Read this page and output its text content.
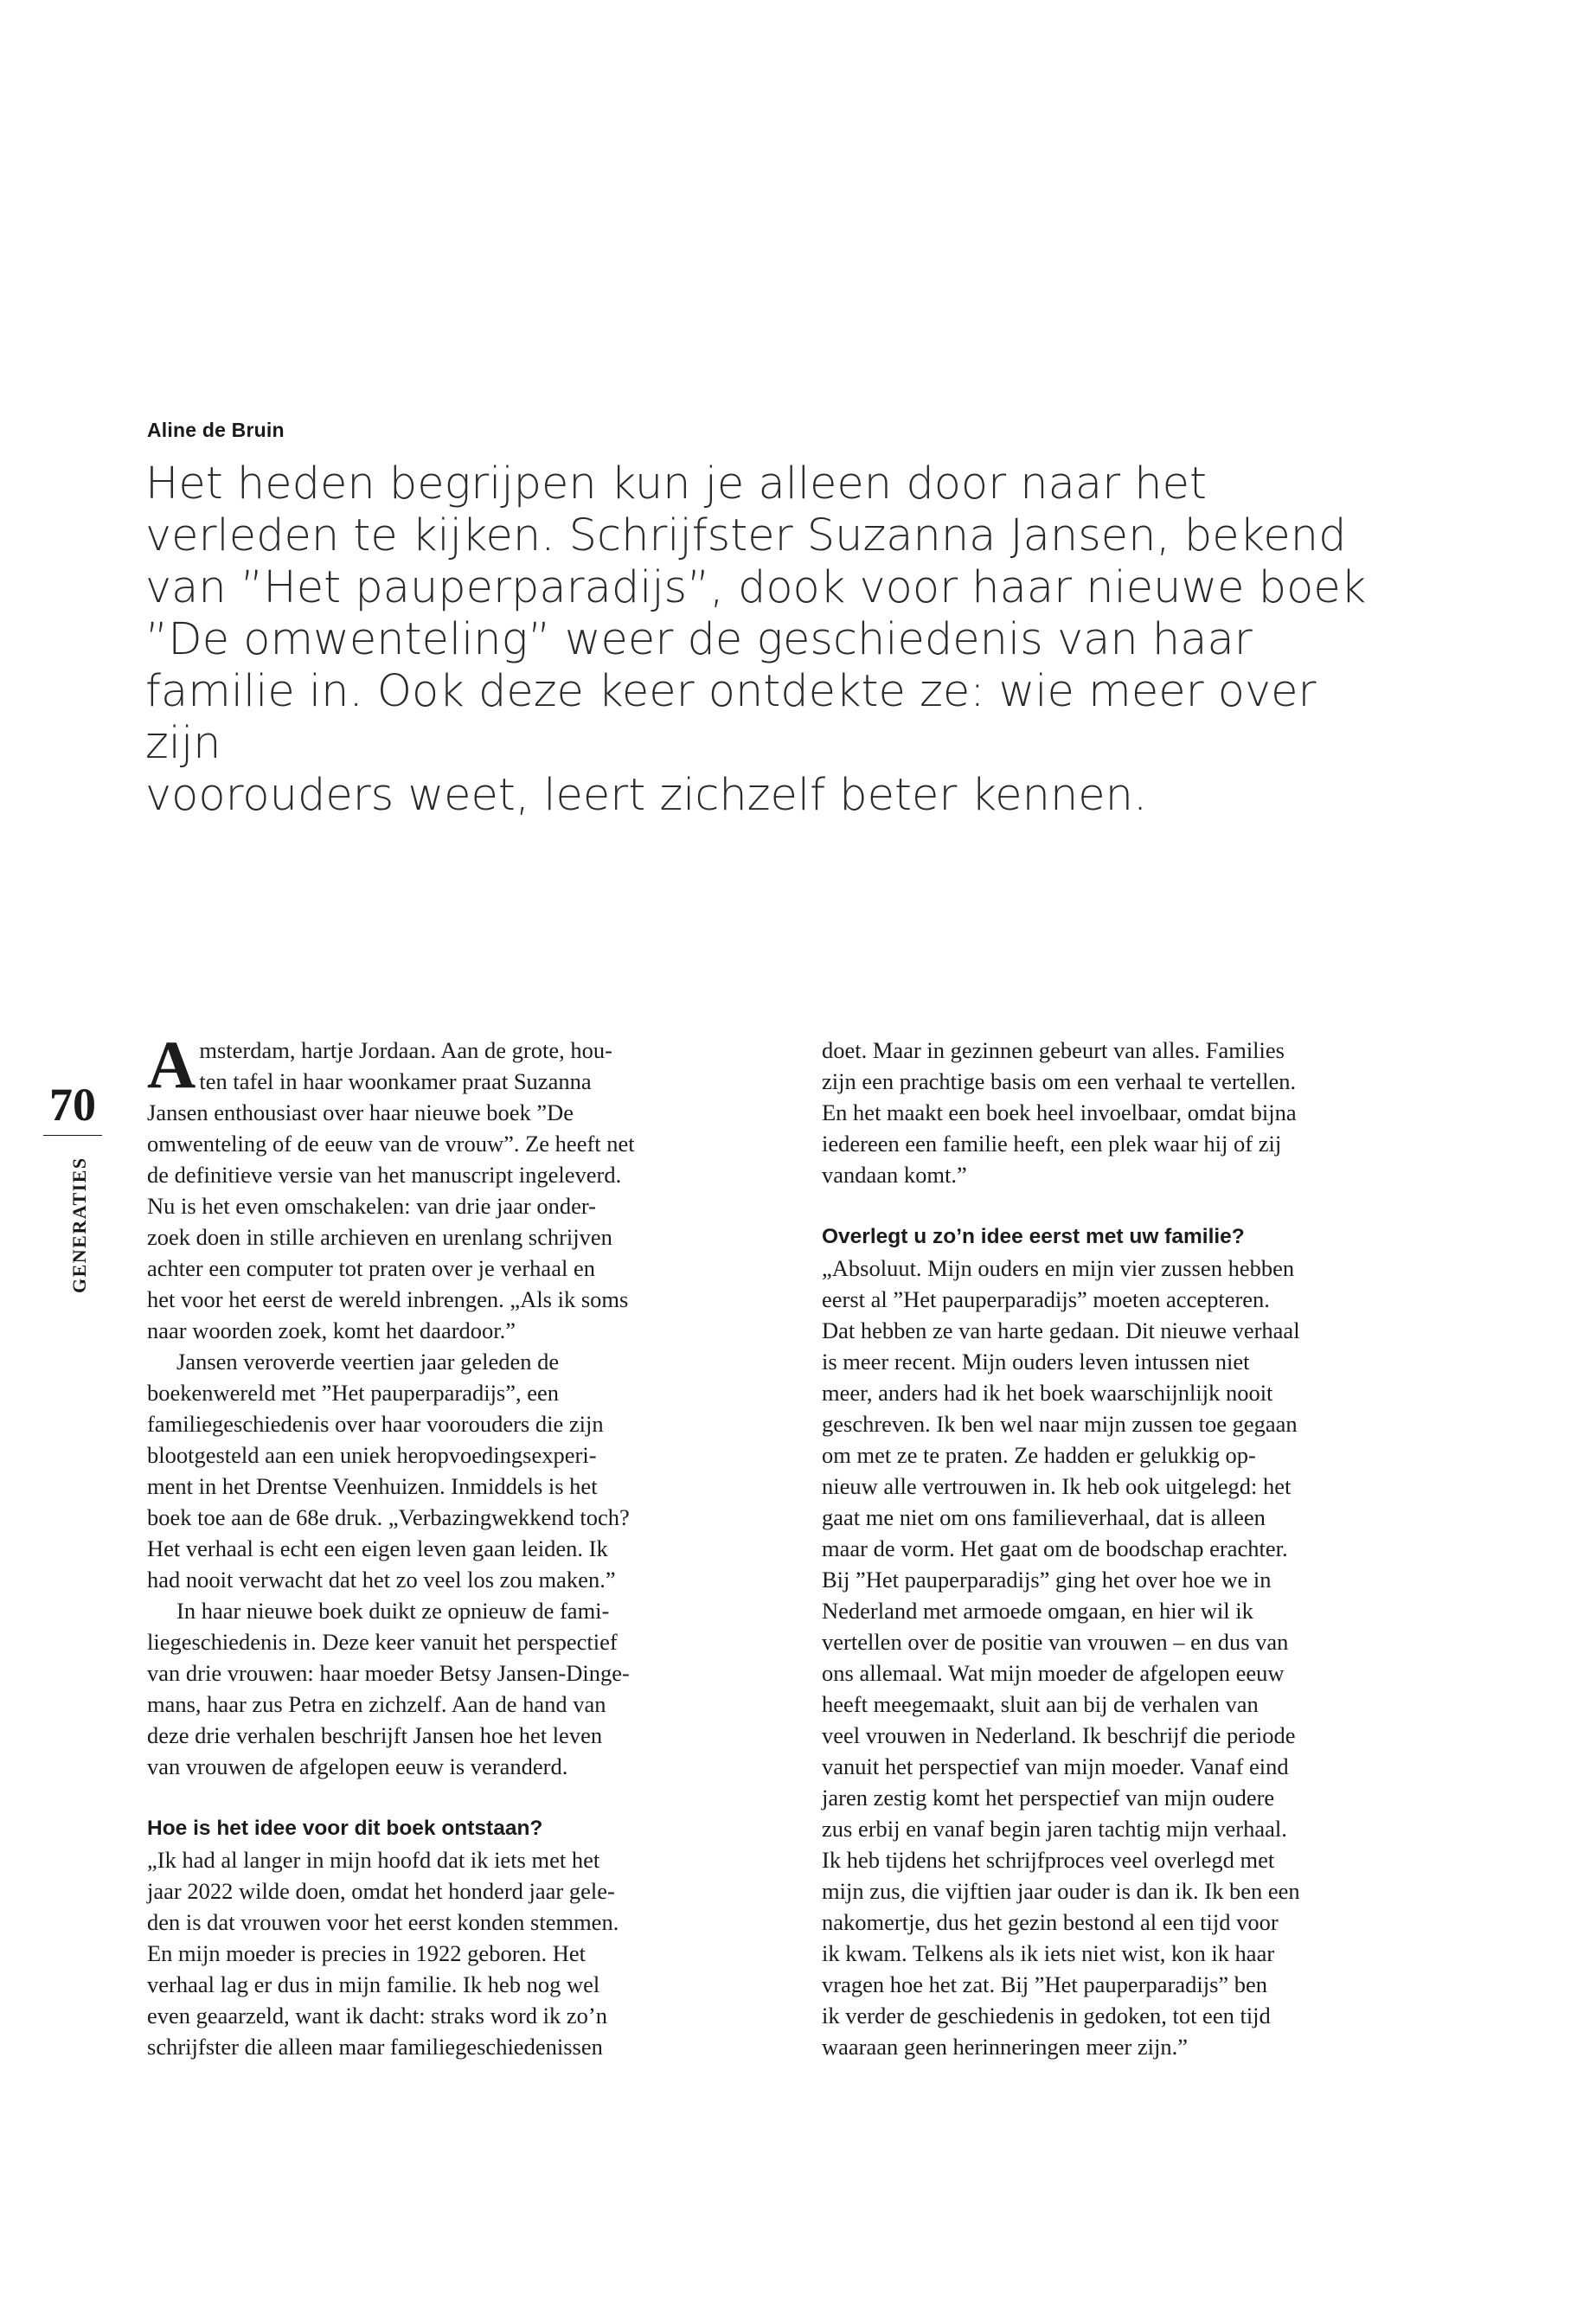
Aline de Bruin
Het heden begrijpen kun je alleen door naar het
verleden te kijken. Schrijfster Suzanna Jansen, bekend
van ”Het pauperparadijs”, dook voor haar nieuwe boek
”De omwenteling” weer de geschiedenis van haar
familie in. Ook deze keer ontdekte ze: wie meer over zijn
voorouders weet, leert zichzelf beter kennen.
70
GENERATIES

Amsterdam, hartje Jordaan. Aan de grote, hou-
ten tafel in haar woonkamer praat Suzanna
Jansen enthousiast over haar nieuwe boek ”De
omwenteling of de eeuw van de vrouw”. Ze heeft net
de definitieve versie van het manuscript ingeleverd.
Nu is het even omschakelen: van drie jaar onder-
zoek doen in stille archieven en urenlang schrijven
achter een computer tot praten over je verhaal en
het voor het eerst de wereld inbrengen. „Als ik soms
naar woorden zoek, komt het daardoor.”

Jansen veroverde veertien jaar geleden de
boekenwereld met ”Het pauperparadijs”, een
familiegeschiedenis over haar voorouders die zijn
blootgesteld aan een uniek heropvoedingsexperi-
ment in het Drentse Veenhuizen. Inmiddels is het
boek toe aan de 68e druk. „Verbazingwekkend toch?
Het verhaal is echt een eigen leven gaan leiden. Ik
had nooit verwacht dat het zo veel los zou maken.”

In haar nieuwe boek duikt ze opnieuw de fami-
liegeschiedenis in. Deze keer vanuit het perspectief
van drie vrouwen: haar moeder Betsy Jansen-Dinge-
mans, haar zus Petra en zichzelf. Aan de hand van
deze drie verhalen beschrijft Jansen hoe het leven
van vrouwen de afgelopen eeuw is veranderd.

Hoe is het idee voor dit boek ontstaan?

„Ik had al langer in mijn hoofd dat ik iets met het
jaar 2022 wilde doen, omdat het honderd jaar gele-
den is dat vrouwen voor het eerst konden stemmen.
En mijn moeder is precies in 1922 geboren. Het
verhaal lag er dus in mijn familie. Ik heb nog wel
even geaarzeld, want ik dacht: straks word ik zo’n
schrijfster die alleen maar familiegeschiedenissen

doet. Maar in gezinnen gebeurt van alles. Families
zijn een prachtige basis om een verhaal te vertellen.
En het maakt een boek heel invoelbaar, omdat bijna
iedereen een familie heeft, een plek waar hij of zij
vandaan komt.”

Overlegt u zo’n idee eerst met uw familie?

„Absoluut. Mijn ouders en mijn vier zussen hebben
eerst al ”Het pauperparadijs” moeten accepteren.
Dat hebben ze van harte gedaan. Dit nieuwe verhaal
is meer recent. Mijn ouders leven intussen niet
meer, anders had ik het boek waarschijnlijk nooit
geschreven. Ik ben wel naar mijn zussen toe gegaan
om met ze te praten. Ze hadden er gelukkig op-
nieuw alle vertrouwen in. Ik heb ook uitgelegd: het
gaat me niet om ons familieverhaal, dat is alleen
maar de vorm. Het gaat om de boodschap erachter.
Bij ”Het pauperparadijs” ging het over hoe we in
Nederland met armoede omgaan, en hier wil ik
vertellen over de positie van vrouwen – en dus van
ons allemaal. Wat mijn moeder de afgelopen eeuw
heeft meegemaakt, sluit aan bij de verhalen van
veel vrouwen in Nederland. Ik beschrijf die periode
vanuit het perspectief van mijn moeder. Vanaf eind
jaren zestig komt het perspectief van mijn oudere
zus erbij en vanaf begin jaren tachtig mijn verhaal.
Ik heb tijdens het schrijfproces veel overlegd met
mijn zus, die vijftien jaar ouder is dan ik. Ik ben een
nakomertje, dus het gezin bestond al een tijd voor
ik kwam. Telkens als ik iets niet wist, kon ik haar
vragen hoe het zat. Bij ”Het pauperparadijs” ben
ik verder de geschiedenis in gedoken, tot een tijd
waaraan geen herinneringen meer zijn.”
